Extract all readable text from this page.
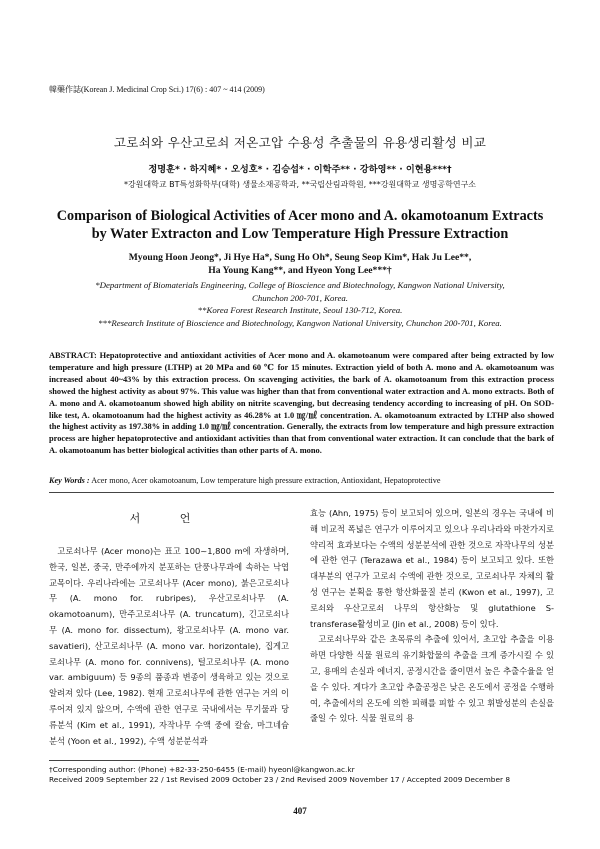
韓藥作誌(Korean J. Medicinal Crop Sci.) 17(6) : 407 ~ 414 (2009)
고로쇠와 우산고로쇠 저온고압 수용성 추출물의 유용생리활성 비교
정명훈* · 하지혜* · 오성호* · 김승섭* · 이학주** · 강하영** · 이현용***†
*강원대학교 BT특성화학부(대학) 생물소재공학과, **국립산림과학원, ***강원대학교 생명공학연구소
Comparison of Biological Activities of Acer mono and A. okamotoanum Extracts
by Water Extracton and Low Temperature High Pressure Extraction
Myoung Hoon Jeong*, Ji Hye Ha*, Sung Ho Oh*, Seung Seop Kim*, Hak Ju Lee**,
Ha Young Kang**, and Hyeon Yong Lee***†
*Department of Biomaterials Engineering, College of Bioscience and Biotechnology, Kangwon National University,
Chunchon 200-701, Korea.
**Korea Forest Research Institute, Seoul 130-712, Korea.
***Research Institute of Bioscience and Biotechnology, Kangwon National University, Chunchon 200-701, Korea.
ABSTRACT: Hepatoprotective and antioxidant activities of Acer mono and A. okamotoanum were compared after being extracted by low temperature and high pressure (LTHP) at 20 MPa and 60 ℃ for 15 minutes. Extraction yield of both A. mono and A. okamotoanum was increased about 40~43% by this extraction process. On scavenging activities, the bark of A. okamotoanum from this extraction process showed the highest activity as about 97%. This value was higher than that from conventional water extraction and A. mono extracts. Both of A. mono and A. okamotoanum showed high ability on nitrite scavenging, but decreasing tendency according to increasing of pH. On SOD-like test, A. okamotoanum had the highest activity as 46.28% at 1.0 ㎎/㎖ concentration. A. okamotoanum extracted by LTHP also showed the highest activity as 197.38% in adding 1.0 ㎎/㎖ concentration. Generally, the extracts from low temperature and high pressure extraction process are higher hepatoprotective and antioxidant activities than that from conventional water extraction. It can conclude that the bark of A. okamotoanum has better biological activities than other parts of A. mono.
Key Words : Acer mono, Acer okamotoanum, Low temperature high pressure extraction, Antioxidant, Hepatoprotective
서 언

고로쇠나무 (Acer mono)는 표고 100~1,800 m에 자생하며, 한국, 일본, 중국, 만주에까지 분포하는 단풍나무과에 속하는 낙엽교목이다. 우리나라에는 고로쇠나무 (Acer mono), 붉은고로쇠나무 (A. mono for. rubripes), 우산고로쇠나무 (A. okamotoanum), 만주고로쇠나무 (A. truncatum), 긴고로쇠나무 (A. mono for. dissectum), 왕고로쇠나무 (A. mono var. savatieri), 산고로쇠나무 (A. mono var. horizontale), 집게고로쇠나무 (A. mono for. connivens), 털고로쇠나무 (A. mono var. ambiguum) 등 9종의 품종과 변종이 생육하고 있는 것으로 알려져 있다 (Lee, 1982). 현재 고로쇠나무에 관한 연구는 거의 이루어져 있지 않으며, 수액에 관한 연구로 국내에서는 무기물과 당류분석 (Kim et al., 1991), 자작나무 수액 중에 칼슘, 마그네슘 분석 (Yoon et al., 1992), 수액 성분분석과

효능 (Ahn, 1975) 등이 보고되어 있으며, 일본의 경우는 국내에 비해 비교적 폭넓은 연구가 이루어지고 있으나 우리나라와 마찬가지로 약리적 효과보다는 수액의 성분분석에 관한 것으로 자작나무의 성분에 관한 연구 (Terazawa et al., 1984) 등이 보고되고 있다. 또한 대부분의 연구가 고로쇠 수액에 관한 것으로, 고로쇠나무 자체의 활성 연구는 분획을 통한 항산화물질 분리 (Kwon et al., 1997), 고로쇠와 우산고로쇠 나무의 항산화능 및 glutathione S-transferase활성비교 (Jin et al., 2008) 등이 있다.

고로쇠나무와 같은 초목류의 추출에 있어서, 초고압 추출을 이용하면 다양한 식물 원료의 유기화합물의 추출을 크게 증가시킬 수 있고, 용매의 손실과 에너지, 공정시간을 줄이면서 높은 추출수율을 얻을 수 있다. 게다가 초고압 추출공정은 낮은 온도에서 공정을 수행하여, 추출에서의 온도에 의한 피해를 피할 수 있고 휘발성분의 손실을 줄일 수 있다. 식물 원료의 용

†Corresponding author: (Phone) +82-33-250-6455 (E-mail) hyeonl@kangwon.ac.kr
Received 2009 September 22 / 1st Revised 2009 October 23 / 2nd Revised 2009 November 17 / Accepted 2009 December 8
407
